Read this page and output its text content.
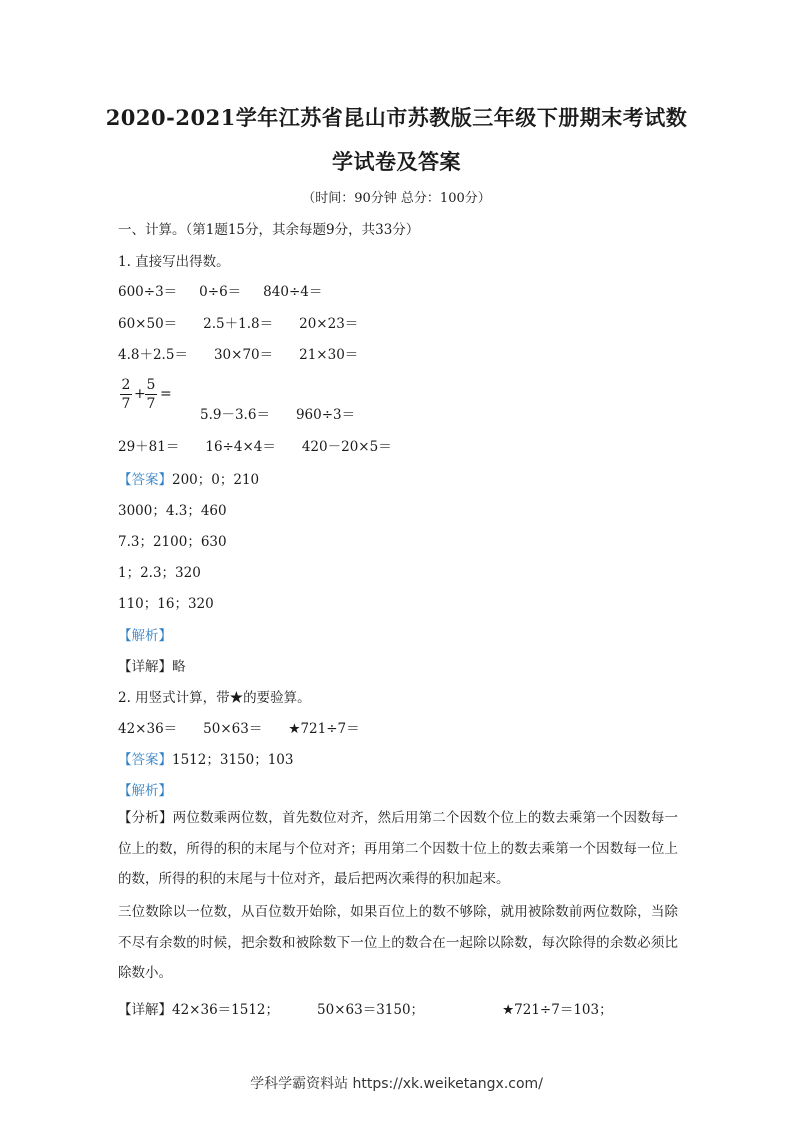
2020-2021学年江苏省昆山市苏教版三年级下册期末考试数
学试卷及答案
（时间：90分钟 总分：100分）
一、计算。（第1题15分，其余每题9分，共33分）
1. 直接写出得数。
600÷3＝ 0÷6＝ 840÷4＝
60×50＝ 2.5＋1.8＝ 20×23＝
4.8＋2.5＝ 30×70＝ 21×30＝
$\frac{2}{7} + \frac{5}{7}$ =
5.9－3.6＝ 960÷3＝
29＋81＝ 16÷4×4＝ 420－20×5＝
【答案】200；0；210
3000；4.3；460
7.3；2100；630
1；2.3；320
110；16；320
【解析】
【详解】略
2. 用竖式计算，带★的要验算。
42×36＝ 50×63＝ ★721÷7＝
【答案】1512；3150；103
【解析】
【分析】两位数乘两位数，首先数位对齐，然后用第二个因数个位上的数去乘第一个因数每一位上的数，所得的积的末尾与个位对齐；再用第二个因数十位上的数去乘第一个因数每一位上的数，所得的积的末尾与十位对齐，最后把两次乘得的积加起来。
三位数除以一位数，从百位数开始除，如果百位上的数不够除，就用被除数前两位数除，当除不尽有余数的时候，把余数和被除数下一位上的数合在一起除以除数，每次除得的余数必须比除数小。
【详解】42×36＝1512；	50×63＝3150；	★721÷7＝103；
学科学霸资料站 https://xk.weiketangx.com/
